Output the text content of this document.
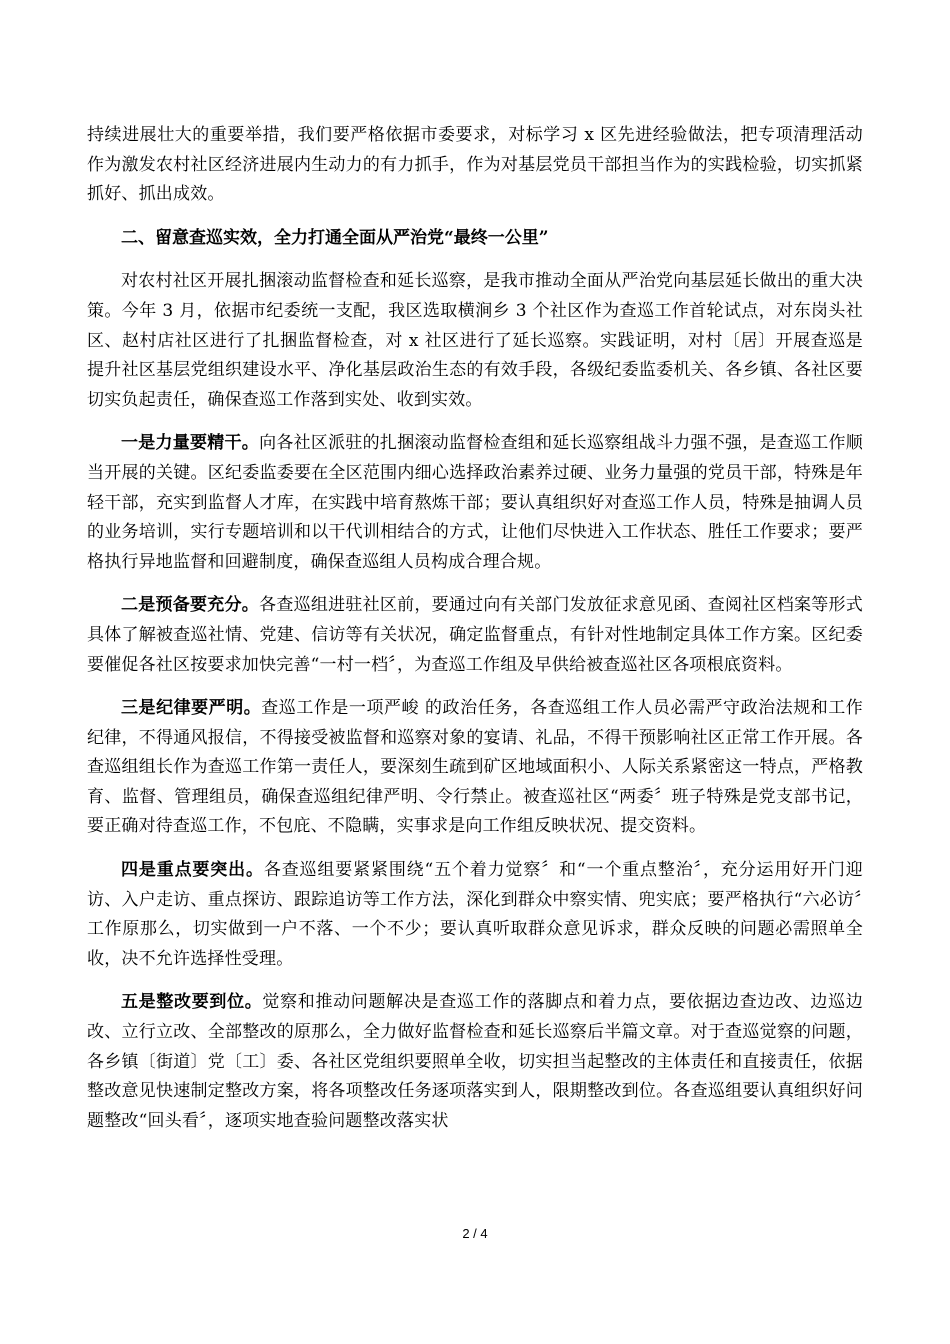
持续进展壮大的重要举措，我们要严格依据市委要求，对标学习 x 区先进经验做法，把专项清理活动作为激发农村社区经济进展内生动力的有力抓手，作为对基层党员干部担当作为的实践检验，切实抓紧抓好、抓出成效。

二、留意查巡实效，全力打通全面从严治党“最终一公里”

对农村社区开展扎捆滚动监督检查和延长巡察，是我市推动全面从严治党向基层延长做出的重大决策。今年 3 月，依据市纪委统一支配，我区选取横涧乡 3 个社区作为查巡工作首轮试点，对东岗头社区、赵村店社区进行了扎捆监督检查，对 x 社区进行了延长巡察。实践证明，对村〔居〕开展查巡是提升社区基层党组织建设水平、净化基层政治生态的有效手段，各级纪委监委机关、各乡镇、各社区要切实负起责任，确保查巡工作落到实处、收到实效。

一是力量要精干。向各社区派驻的扎捆滚动监督检查组和延长巡察组战斗力强不强，是查巡工作顺当开展的关键。区纪委监委要在全区范围内细心选择政治素养过硬、业务力量强的党员干部，特殊是年轻干部，充实到监督人才库，在实践中培育熬炼干部；要认真组织好对查巡工作人员，特殊是抽调人员的业务培训，实行专题培训和以干代训相结合的方式，让他们尽快进入工作状态、胜任工作要求；要严格执行异地监督和回避制度，确保查巡组人员构成合理合规。

二是预备要充分。各查巡组进驻社区前，要通过向有关部门发放征求意见函、查阅社区档案等形式具体了解被查巡社情、党建、信访等有关状况，确定监督重点，有针对性地制定具体工作方案。区纪委要催促各社区按要求加快完善“一村一档〞，为查巡工作组及早供给被查巡社区各项根底资料。

三是纪律要严明。查巡工作是一项严峻 的政治任务，各查巡组工作人员必需严守政治法规和工作纪律，不得通风报信，不得接受被监督和巡察对象的宴请、礼品，不得干预影响社区正常工作开展。各查巡组组长作为查巡工作第一责任人，要深刻生疏到矿区地域面积小、人际关系紧密这一特点，严格教育、监督、管理组员，确保查巡组纪律严明、令行禁止。被查巡社区“两委〞班子特殊是党支部书记，要正确对待查巡工作，不包庇、不隐瞒，实事求是向工作组反映状况、提交资料。

四是重点要突出。各查巡组要紧紧围绕“五个着力觉察〞和“一个重点整治〞，充分运用好开门迎访、入户走访、重点探访、跟踪追访等工作方法，深化到群众中察实情、兜实底；要严格执行“六必访〞工作原那么，切实做到一户不落、一个不少；要认真听取群众意见诉求，群众反映的问题必需照单全收，决不允许选择性受理。

五是整改要到位。觉察和推动问题解决是查巡工作的落脚点和着力点，要依据边查边改、边巡边改、立行立改、全部整改的原那么，全力做好监督检查和延长巡察后半篇文章。对于查巡觉察的问题，各乡镇〔街道〕党〔工〕委、各社区党组织要照单全收，切实担当起整改的主体责任和直接责任，依据整改意见快速制定整改方案，将各项整改任务逐项落实到人，限期整改到位。各查巡组要认真组织好问题整改“回头看〞，逐项实地查验问题整改落实状

2 / 4
